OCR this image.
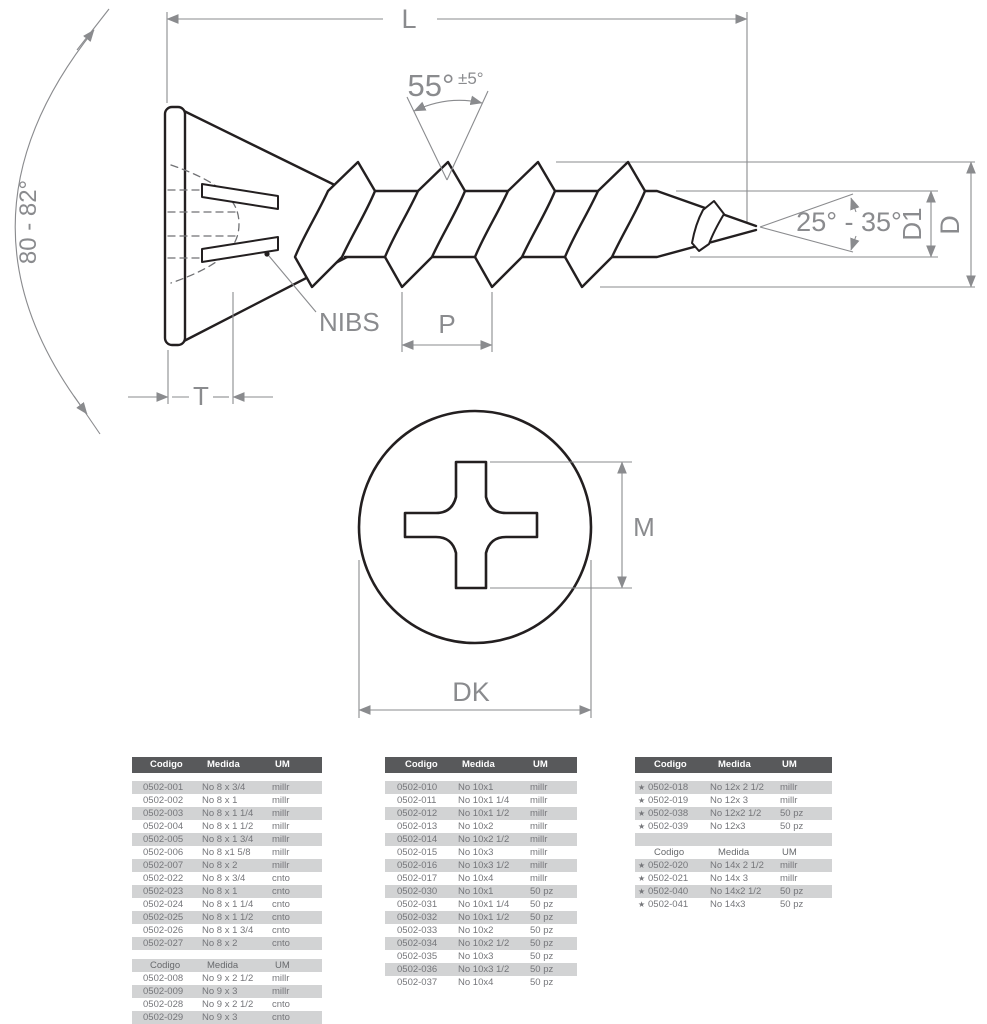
L
55° ±5°
80 - 82°	25° - 35°
D1 D
NIBS
T
P
M
DK
Codigo	Medida	UM
0502-001	No 8 x 3/4	millr
0502-002	No 8 x 1	millr
0502-003	No 8 x 1 1/4	millr
0502-004	No 8 x 1 1/2	millr
0502-005	No 8 x 1 3/4	millr
0502-006	No 8 x1 5/8	millr
0502-007	No 8 x 2	millr
0502-022	No 8 x 3/4	cnto
0502-023	No 8 x 1	cnto
0502-024	No 8 x 1 1/4	cnto
0502-025	No 8 x 1 1/2	cnto
0502-026	No 8 x 1 3/4	cnto
0502-027	No 8 x 2	cnto
Codigo	Medida	UM
0502-008	No 9 x 2 1/2	millr
0502-009	No 9 x 3	millr
0502-028	No 9 x 2 1/2	cnto
0502-029	No 9 x 3	cnto
Codigo	Medida	UM
0502-010	No 10x1	millr
0502-011	No 10x1 1/4	millr
0502-012	No 10x1 1/2	millr
0502-013	No 10x2	millr
0502-014	No 10x2 1/2	millr
0502-015	No 10x3	millr
0502-016	No 10x3 1/2	millr
0502-017	No 10x4	millr
0502-030	No 10x1	50 pz
0502-031	No 10x1 1/4	50 pz
0502-032	No 10x1 1/2	50 pz
0502-033	No 10x2	50 pz
0502-034	No 10x2 1/2	50 pz
0502-035	No 10x3	50 pz
0502-036	No 10x3 1/2	50 pz
0502-037	No 10x4	50 pz
Codigo	Medida	UM
★ 0502-018	No 12x 2 1/2	millr
★ 0502-019	No 12x 3	millr
★ 0502-038	No 12x2 1/2	50 pz
★ 0502-039	No 12x3	50 pz
Codigo	Medida	UM
★ 0502-020	No 14x 2 1/2	millr
★ 0502-021	No 14x 3	millr
★ 0502-040	No 14x2 1/2	50 pz
★ 0502-041	No 14x3	50 pz
